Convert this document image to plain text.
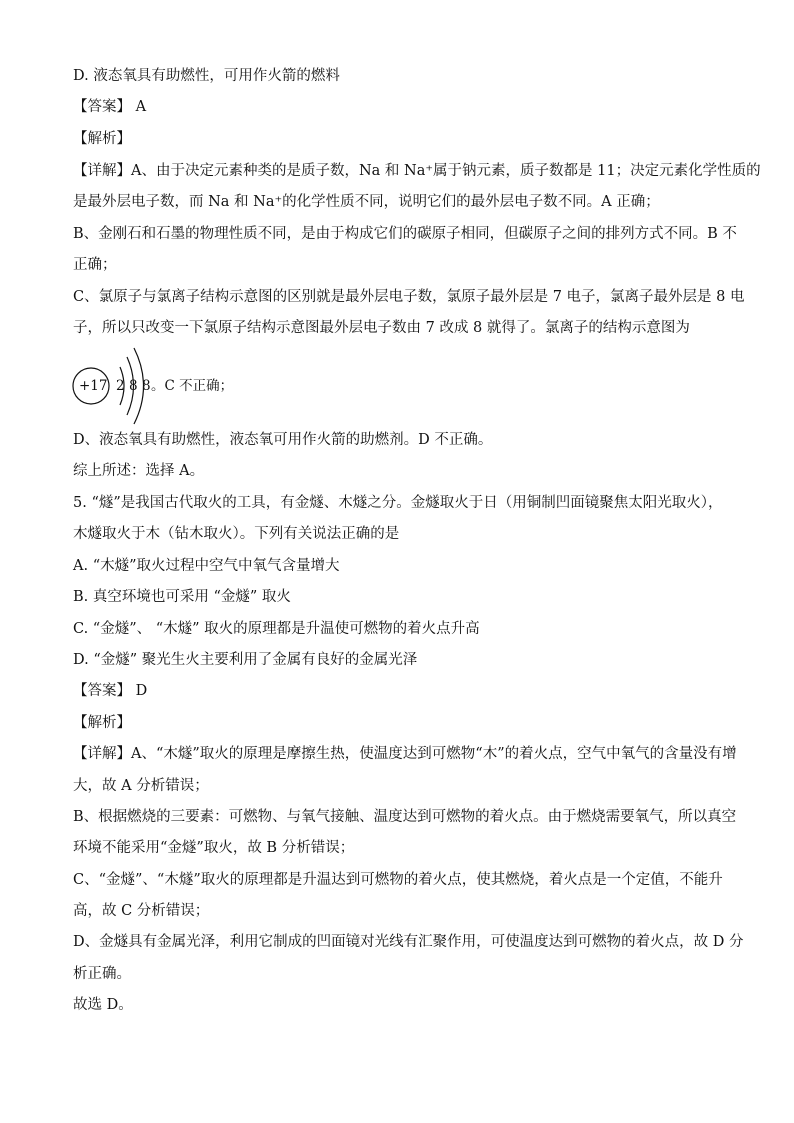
D. 液态氧具有助燃性，可用作火箭的燃料
【答案】 A
【解析】
【详解】A、由于决定元素种类的是质子数，Na 和 Na⁺属于钠元素，质子数都是 11；决定元素化学性质的
是最外层电子数，而 Na 和 Na⁺的化学性质不同，说明它们的最外层电子数不同。A 正确；
B、金刚石和石墨的物理性质不同，是由于构成它们的碳原子相同，但碳原子之间的排列方式不同。B 不
正确；
C、氯原子与氯离子结构示意图的区别就是最外层电子数，氯原子最外层是 7 电子，氯离子最外层是 8 电
子，所以只改变一下氯原子结构示意图最外层电子数由 7 改成 8 就得了。氯离子的结构示意图为
+17 2 8 8 。C 不正确；
D、液态氧具有助燃性，液态氧可用作火箭的助燃剂。D 不正确。
综上所述：选择 A。
5. “燧”是我国古代取火的工具，有金燧、木燧之分。金燧取火于日（用铜制凹面镜聚焦太阳光取火），
木燧取火于木（钻木取火）。下列有关说法正确的是
A. “木燧”取火过程中空气中氧气含量增大
B. 真空环境也可采用 “金燧” 取火
C. “金燧”、 “木燧” 取火的原理都是升温使可燃物的着火点升高
D. “金燧” 聚光生火主要利用了金属有良好的金属光泽
【答案】 D
【解析】
【详解】A、“木燧”取火的原理是摩擦生热，使温度达到可燃物“木”的着火点，空气中氧气的含量没有增
大，故 A 分析错误；
B、根据燃烧的三要素：可燃物、与氧气接触、温度达到可燃物的着火点。由于燃烧需要氧气，所以真空
环境不能采用“金燧”取火，故 B 分析错误；
C、“金燧”、“木燧”取火的原理都是升温达到可燃物的着火点，使其燃烧，着火点是一个定值，不能升
高，故 C 分析错误；
D、金燧具有金属光泽，利用它制成的凹面镜对光线有汇聚作用，可使温度达到可燃物的着火点，故 D 分
析正确。
故选 D。
